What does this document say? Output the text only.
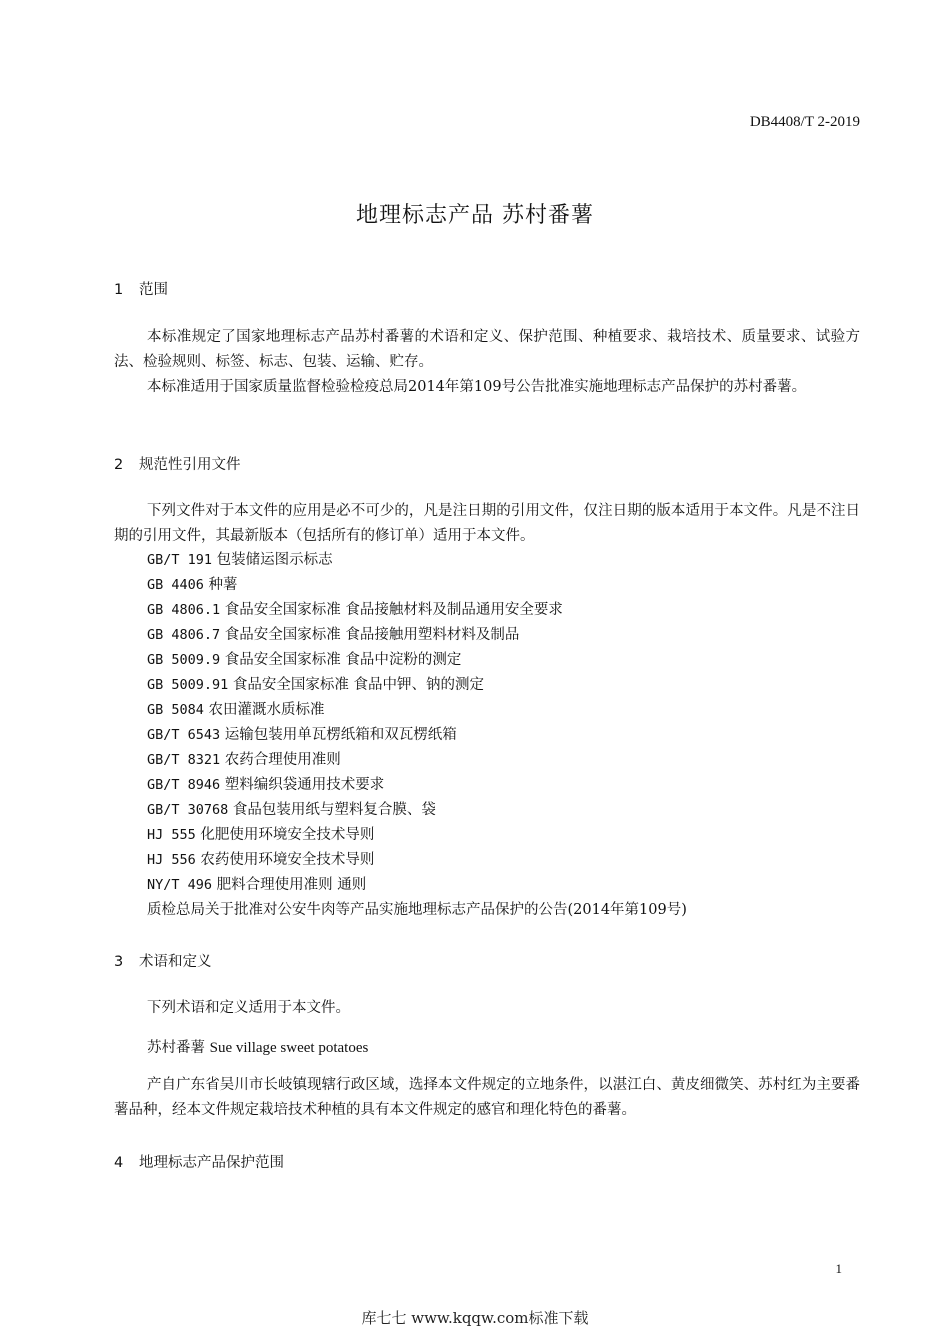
DB4408/T 2-2019
地理标志产品 苏村番薯
1 范围
本标准规定了国家地理标志产品苏村番薯的术语和定义、保护范围、种植要求、栽培技术、质量要求、试验方法、检验规则、标签、标志、包装、运输、贮存。
本标准适用于国家质量监督检验检疫总局2014年第109号公告批准实施地理标志产品保护的苏村番薯。
2 规范性引用文件
下列文件对于本文件的应用是必不可少的，凡是注日期的引用文件，仅注日期的版本适用于本文件。凡是不注日期的引用文件，其最新版本（包括所有的修订单）适用于本文件。
GB/T 191 包装储运图示标志
GB 4406 种薯
GB 4806.1 食品安全国家标准 食品接触材料及制品通用安全要求
GB 4806.7 食品安全国家标准 食品接触用塑料材料及制品
GB 5009.9 食品安全国家标准 食品中淀粉的测定
GB 5009.91 食品安全国家标准 食品中钾、钠的测定
GB 5084 农田灌溉水质标准
GB/T 6543 运输包装用单瓦楞纸箱和双瓦楞纸箱
GB/T 8321 农药合理使用准则
GB/T 8946 塑料编织袋通用技术要求
GB/T 30768 食品包装用纸与塑料复合膜、袋
HJ 555 化肥使用环境安全技术导则
HJ 556 农药使用环境安全技术导则
NY/T 496 肥料合理使用准则 通则
质检总局关于批准对公安牛肉等产品实施地理标志产品保护的公告(2014年第109号)
3 术语和定义
下列术语和定义适用于本文件。
苏村番薯 Sue village sweet potatoes
产自广东省吴川市长岐镇现辖行政区域，选择本文件规定的立地条件，以湛江白、黄皮细微笑、苏村红为主要番薯品种，经本文件规定栽培技术种植的具有本文件规定的感官和理化特色的番薯。
4 地理标志产品保护范围
1
库七七 www.kqqw.com标准下载
